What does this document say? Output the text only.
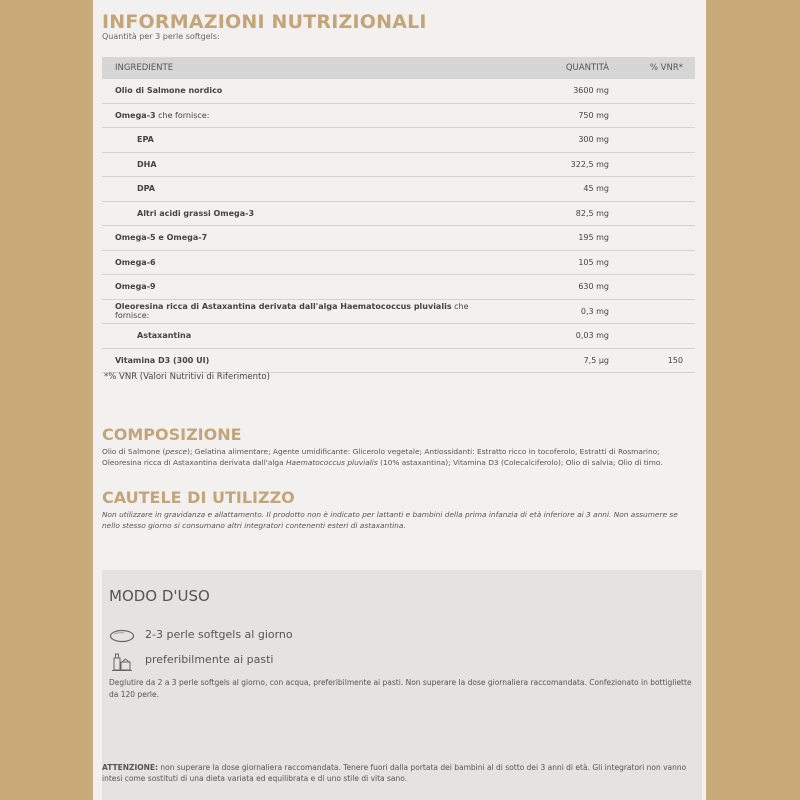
INFORMAZIONI NUTRIZIONALI
Quantità per 3 perle softgels:
INGREDIENTE	QUANTITÀ	% VNR*
Olio di Salmone nordico	3600 mg	
Omega-3 che fornisce:	750 mg	
EPA	300 mg	
DHA	322,5 mg	
DPA	45 mg	
Altri acidi grassi Omega-3	82,5 mg	
Omega-5 e Omega-7	195 mg	
Omega-6	105 mg	
Omega-9	630 mg	
Oleoresina ricca di Astaxantina derivata dall'alga Haematococcus pluvialis che fornisce:	0,3 mg	
Astaxantina	0,03 mg	
Vitamina D3 (300 UI)	7,5 µg	150
*% VNR (Valori Nutritivi di Riferimento)
COMPOSIZIONE
Olio di Salmone (pesce); Gelatina alimentare; Agente umidificante: Glicerolo vegetale; Antiossidanti: Estratto ricco in tocoferolo, Estratti di Rosmarino; Oleoresina ricca di Astaxantina derivata dall'alga Haematococcus pluvialis (10% astaxantina); Vitamina D3 (Colecalciferolo); Olio di salvia; Olio di timo.
CAUTELE DI UTILIZZO
Non utilizzare in gravidanza e allattamento. Il prodotto non è indicato per lattanti e bambini della prima infanzia di età inferiore ai 3 anni. Non assumere se nello stesso giorno si consumano altri integratori contenenti esteri di astaxantina.
MODO D'USO
2-3 perle softgels al giorno
preferibilmente ai pasti
Deglutire da 2 a 3 perle softgels al giorno, con acqua, preferibilmente ai pasti. Non superare la dose giornaliera raccomandata. Confezionato in bottigliette da 120 perle.
ATTENZIONE: non superare la dose giornaliera raccomandata. Tenere fuori dalla portata dei bambini al di sotto dei 3 anni di età. Gli integratori non vanno intesi come sostituti di una dieta variata ed equilibrata e di uno stile di vita sano.
